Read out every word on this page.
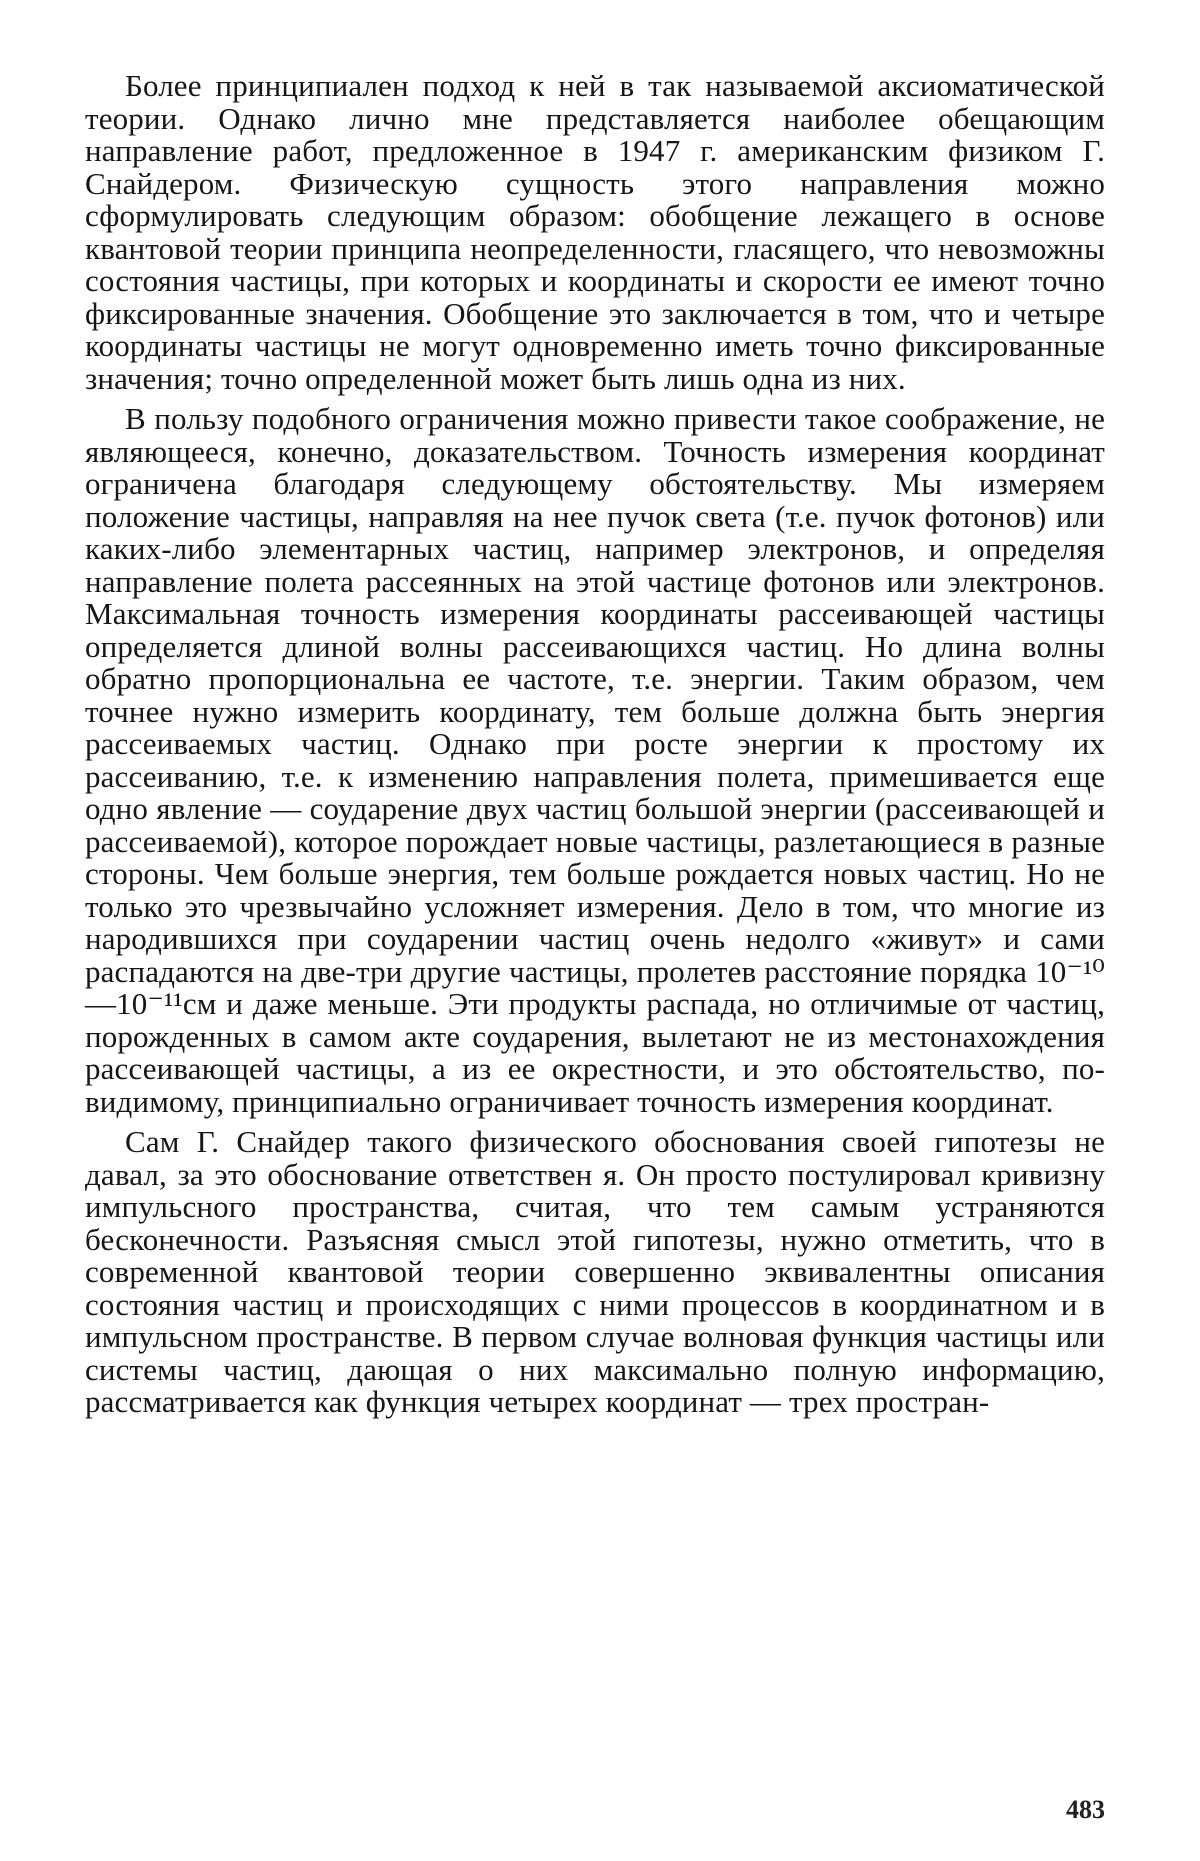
Более принципиален подход к ней в так называемой аксиоматической теории. Однако лично мне представляется наиболее обещающим направление работ, предложенное в 1947 г. американским физиком Г. Снайдером. Физическую сущность этого направления можно сформулировать следующим образом: обобщение лежащего в основе квантовой теории принципа неопределенности, гласящего, что невозможны состояния частицы, при которых и координаты и скорости ее имеют точно фиксированные значения. Обобщение это заключается в том, что и четыре координаты частицы не могут одновременно иметь точно фиксированные значения; точно определенной может быть лишь одна из них.

В пользу подобного ограничения можно привести такое соображение, не являющееся, конечно, доказательством. Точность измерения координат ограничена благодаря следующему обстоятельству. Мы измеряем положение частицы, направляя на нее пучок света (т.е. пучок фотонов) или каких-либо элементарных частиц, например электронов, и определяя направление полета рассеянных на этой частице фотонов или электронов. Максимальная точность измерения координаты рассеивающей частицы определяется длиной волны рассеивающихся частиц. Но длина волны обратно пропорциональна ее частоте, т.е. энергии. Таким образом, чем точнее нужно измерить координату, тем больше должна быть энергия рассеиваемых частиц. Однако при росте энергии к простому их рассеиванию, т.е. к изменению направления полета, примешивается еще одно явление — соударение двух частиц большой энергии (рассеивающей и рассеиваемой), которое порождает новые частицы, разлетающиеся в разные стороны. Чем больше энергия, тем больше рождается новых частиц. Но не только это чрезвычайно усложняет измерения. Дело в том, что многие из народившихся при соударении частиц очень недолго «живут» и сами распадаются на две-три другие частицы, пролетев расстояние порядка 10⁻¹⁰—10⁻¹¹см и даже меньше. Эти продукты распада, но отличимые от частиц, порожденных в самом акте соударения, вылетают не из местонахождения рассеивающей частицы, а из ее окрестности, и это обстоятельство, по-видимому, принципиально ограничивает точность измерения координат.

Сам Г. Снайдер такого физического обоснования своей гипотезы не давал, за это обоснование ответствен я. Он просто постулировал кривизну импульсного пространства, считая, что тем самым устраняются бесконечности. Разъясняя смысл этой гипотезы, нужно отметить, что в современной квантовой теории совершенно эквивалентны описания состояния частиц и происходящих с ними процессов в координатном и в импульсном пространстве. В первом случае волновая функция частицы или системы частиц, дающая о них максимально полную информацию, рассматривается как функция четырех координат — трех простран-

483
